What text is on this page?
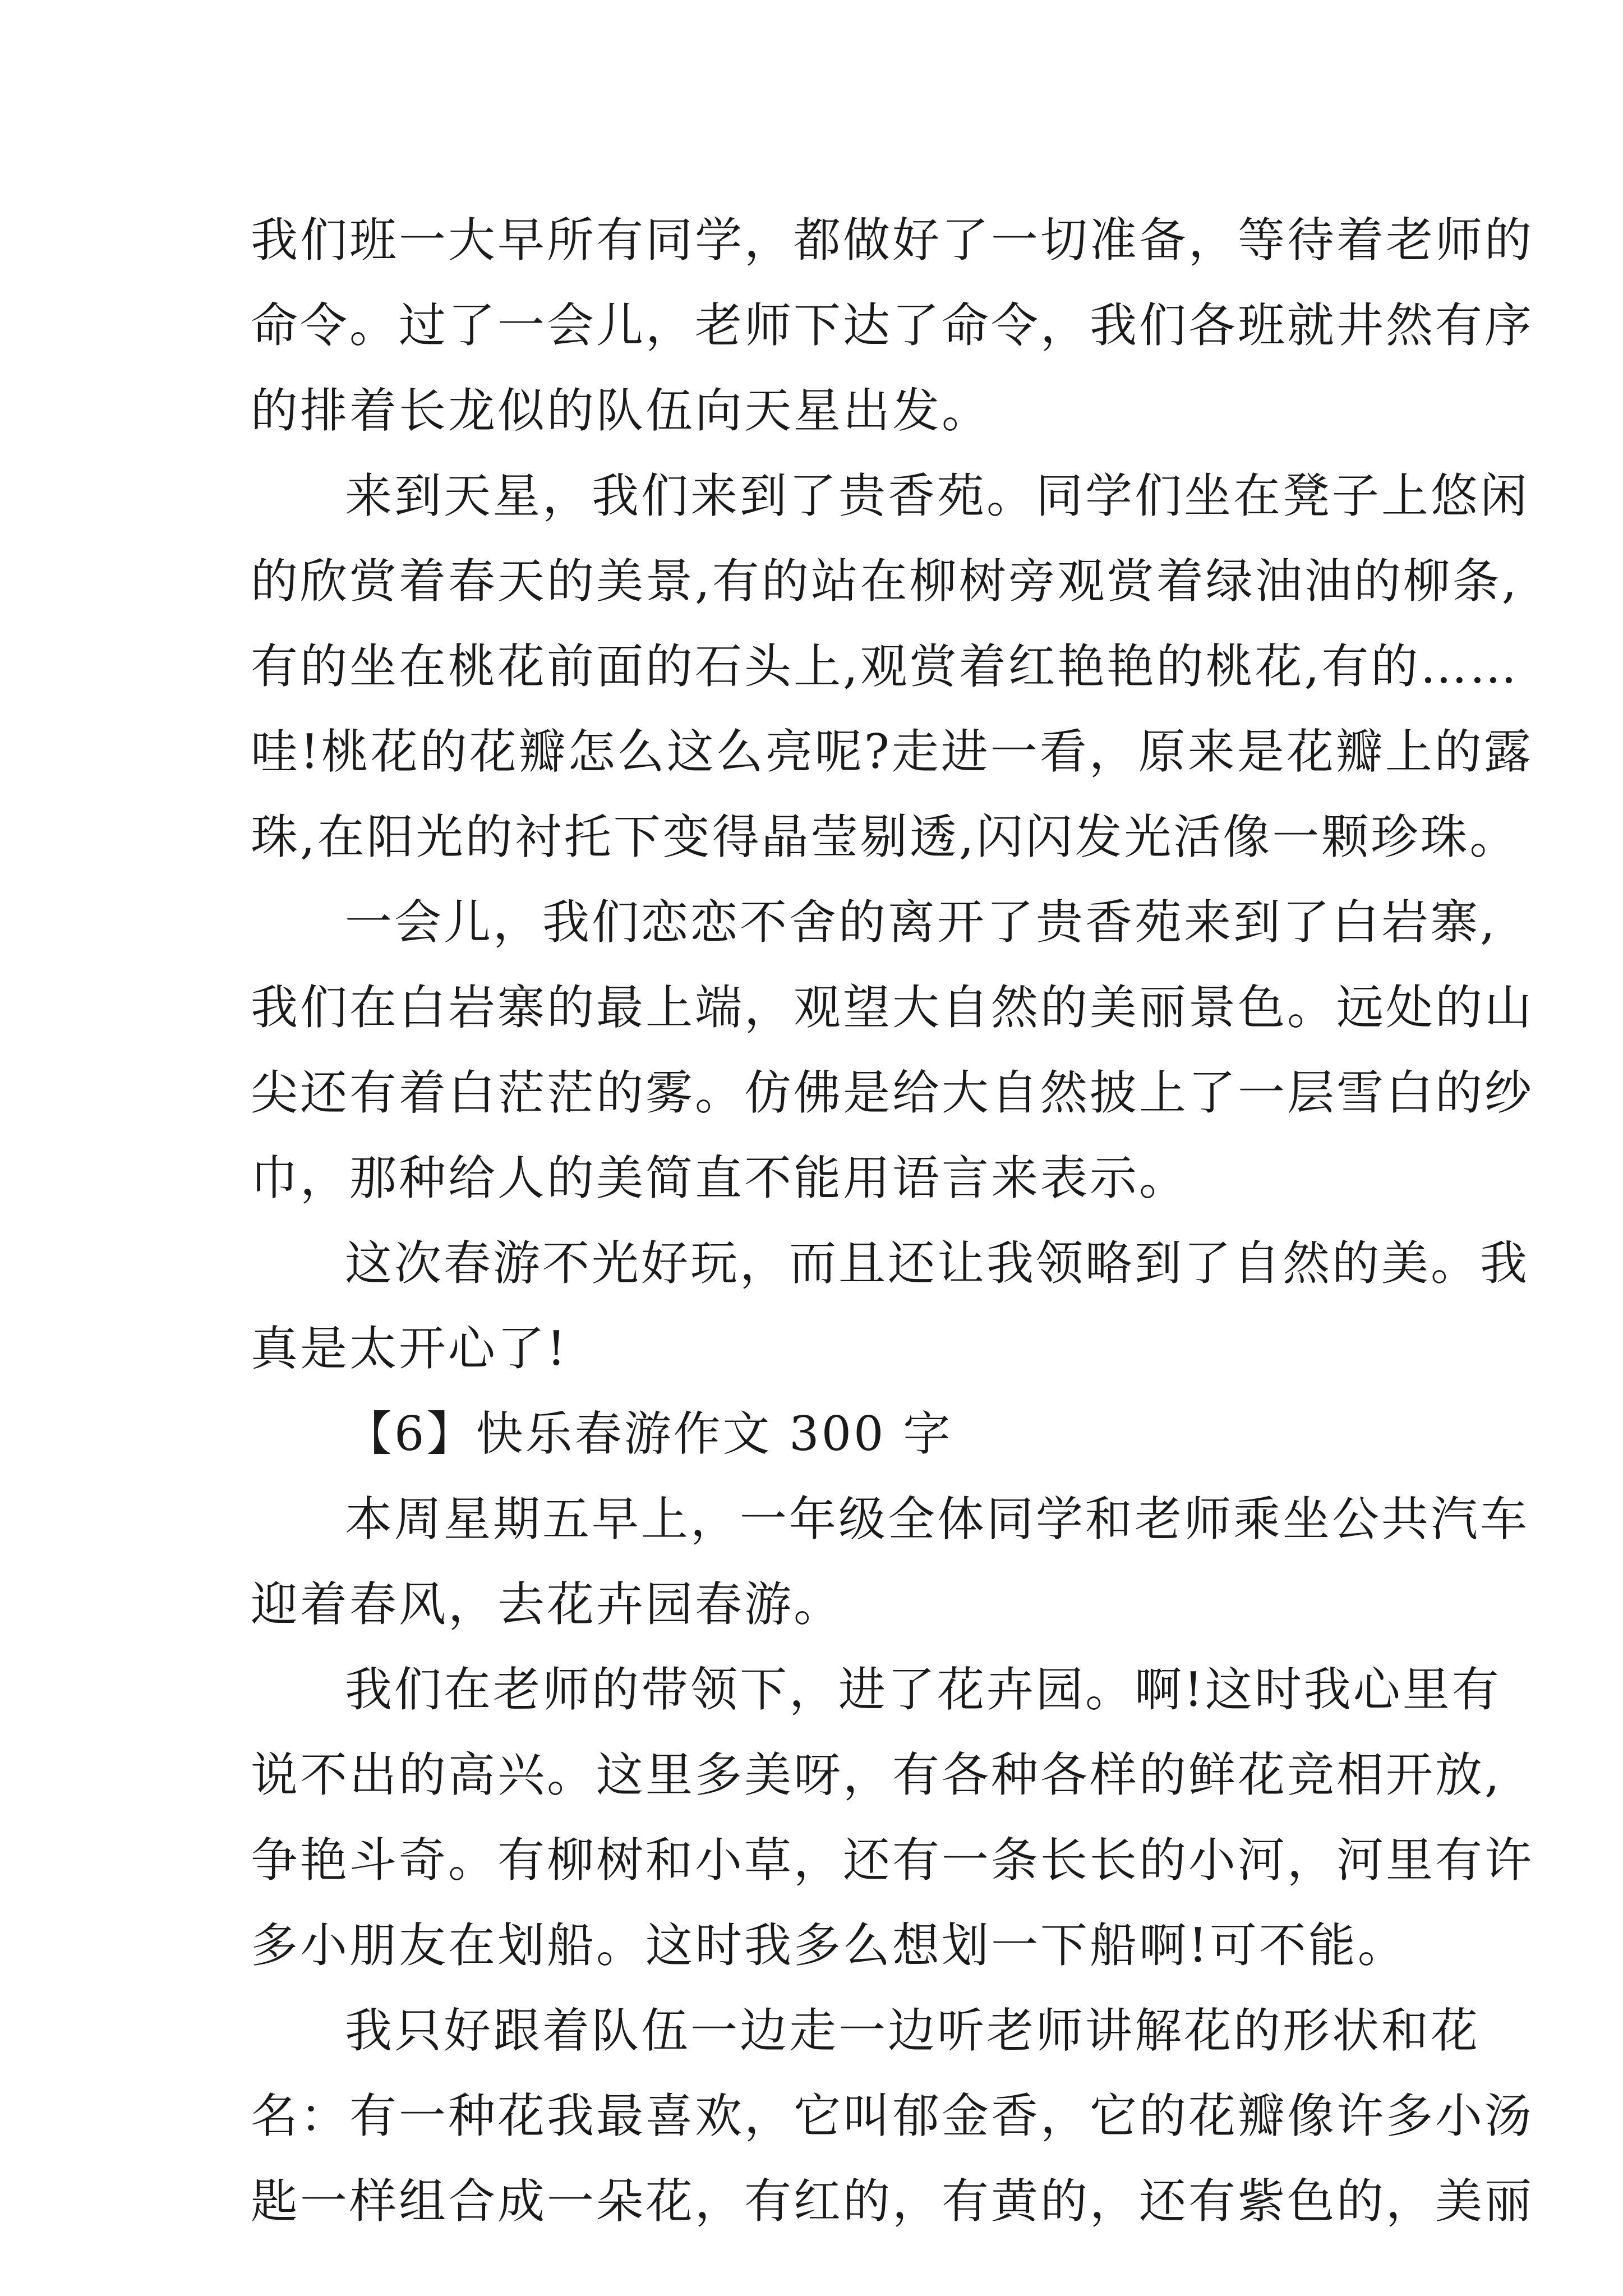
我们班一大早所有同学，都做好了一切准备，等待着老师的
命令。过了一会儿，老师下达了命令，我们各班就井然有序
的排着长龙似的队伍向天星出发。
来到天星，我们来到了贵香苑。同学们坐在凳子上悠闲
的欣赏着春天的美景,有的站在柳树旁观赏着绿油油的柳条,
有的坐在桃花前面的石头上,观赏着红艳艳的桃花,有的……
哇!桃花的花瓣怎么这么亮呢?走进一看，原来是花瓣上的露
珠,在阳光的衬托下变得晶莹剔透,闪闪发光活像一颗珍珠。
一会儿，我们恋恋不舍的离开了贵香苑来到了白岩寨,
我们在白岩寨的最上端，观望大自然的美丽景色。远处的山
尖还有着白茫茫的雾。仿佛是给大自然披上了一层雪白的纱
巾，那种给人的美简直不能用语言来表示。
这次春游不光好玩，而且还让我领略到了自然的美。我
真是太开心了!
【6】快乐春游作文 300 字
本周星期五早上，一年级全体同学和老师乘坐公共汽车
迎着春风，去花卉园春游。
我们在老师的带领下，进了花卉园。啊!这时我心里有
说不出的高兴。这里多美呀，有各种各样的鲜花竞相开放,
争艳斗奇。有柳树和小草，还有一条长长的小河，河里有许
多小朋友在划船。这时我多么想划一下船啊!可不能。
我只好跟着队伍一边走一边听老师讲解花的形状和花
名：有一种花我最喜欢，它叫郁金香，它的花瓣像许多小汤
匙一样组合成一朵花，有红的，有黄的，还有紫色的，美丽
